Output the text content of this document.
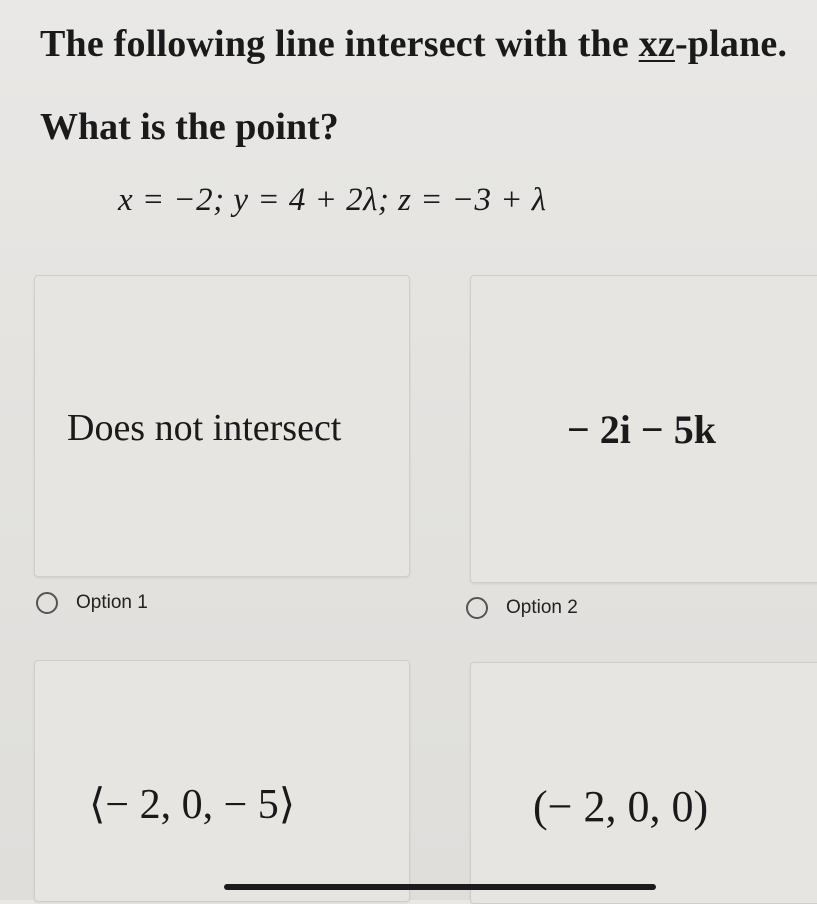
The following line intersect with the xz-plane.
What is the point?
x = −2; y = 4 + 2λ; z = −3 + λ
Does not intersect	− 2i − 5k
Option 1	Option 2
⟨− 2, 0, − 5⟩	(− 2, 0, 0)
